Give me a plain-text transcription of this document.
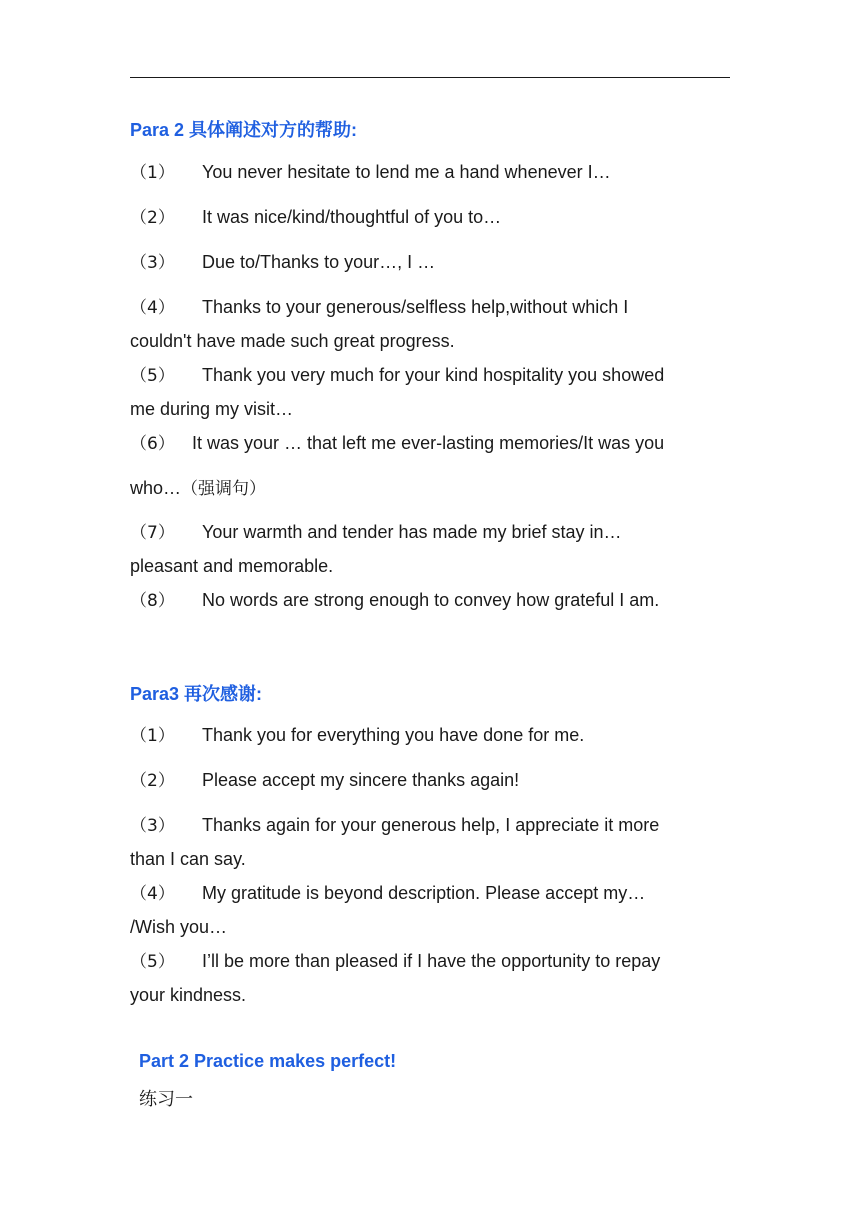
Para 2 具体阐述对方的帮助:
（1） You never hesitate to lend me a hand whenever I…
（2） It was nice/kind/thoughtful of you to…
（3） Due to/Thanks to your…, I …
（4） Thanks to your generous/selfless help,without which I
couldn't have made such great progress.
（5） Thank you very much for your kind hospitality you showed
me during my visit…
（6） It was your … that left me ever-lasting memories/It was you
who…（强调句）
（7） Your warmth and tender has made my brief stay in…
pleasant and memorable.
（8） No words are strong enough to convey how grateful I am.
Para3 再次感谢:
（1） Thank you for everything you have done for me.
（2） Please accept my sincere thanks again!
（3） Thanks again for your generous help, I appreciate it more
than I can say.
（4） My gratitude is beyond description. Please accept my…
/Wish you…
（5） I’ll be more than pleased if I have the opportunity to repay
your kindness.
Part 2 Practice makes perfect!
练习一
